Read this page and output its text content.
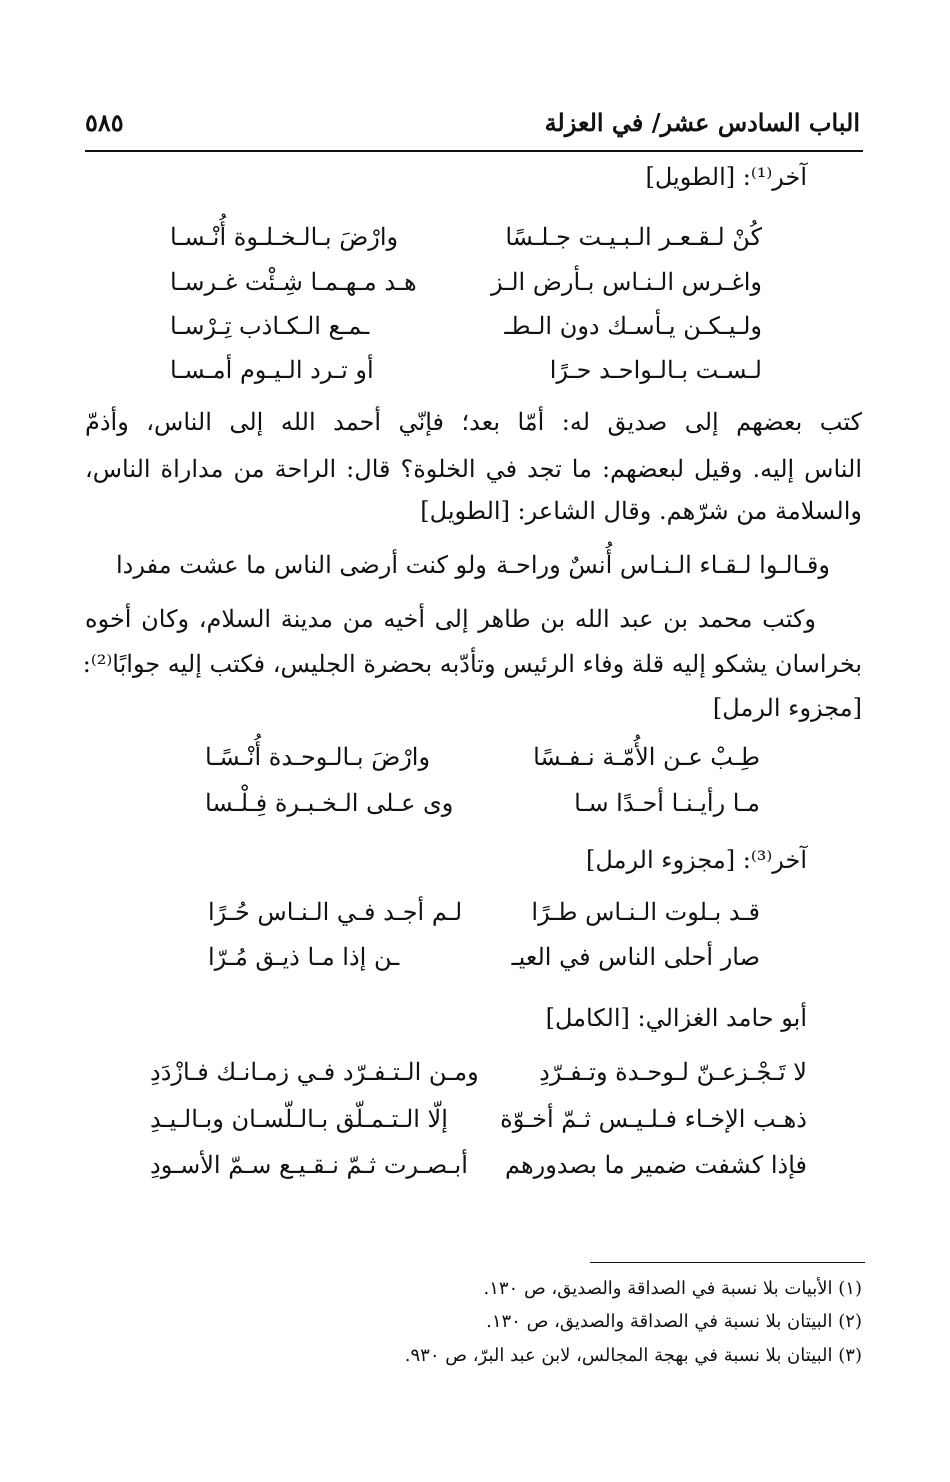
الباب السادس عشر/ في العزلة
٥٨٥
آخر⁽¹⁾: [الطويل]
كُنْ لـقـعـر الـبـيـت جـلـسًا
وارْضَ بـالـخـلـوة أُنْـسـا
واغـرس الـنـاس بـأرض الـز
هـد مـهـمـا شِـئْت غـرسـا
ولـيـكـن يـأسـك دون الـطـ
ـمـع الـكـاذب تِـرْسـا
لـسـت بـالـواحـد حـرًا
أو تـرد الـيـوم أمـسـا
كتب بعضهم إلى صديق له: أمّا بعد؛ فإنّي أحمد الله إلى الناس، وأذمّ
الناس إليه. وقيل لبعضهم: ما تجد في الخلوة؟ قال: الراحة من مداراة الناس،
والسلامة من شرّهم. وقال الشاعر: [الطويل]
وقـالـوا لـقـاء الـنـاس أُنسٌ وراحـة
ولو كنت أرضى الناس ما عشت مفردا
وكتب محمد بن عبد الله بن طاهر إلى أخيه من مدينة السلام، وكان أخوه
بخراسان يشكو إليه قلة وفاء الرئيس وتأدّبه بحضرة الجليس، فكتب إليه جوابًا⁽²⁾:
[مجزوء الرمل]
طِـبْ عـن الأُمّـة نـفـسًا
وارْضَ بـالـوحـدة أُنْـسًـا
مـا رأيـنـا أحـدًا سـا
وى عـلى الـخـبـرة فِـلْـسا
آخر⁽³⁾: [مجزوء الرمل]
قـد بـلوت الـنـاس طـرًا
لـم أجـد فـي الـنـاس حُـرًا
صار أحلى الناس في العيـ
ـن إذا مـا ذيـق مُـرّا
أبو حامد الغزالي: [الكامل]
لا تَـجْـزعـنّ لـوحـدة وتـفـرّدِ
ومـن الـتـفـرّد فـي زمـانـك فـازْدَدِ
ذهـب الإخـاء فـلـيـس ثـمّ أخـوّة
إلّا الـتـمـلّق بـالـلّسـان وبـالـيـدِ
فإذا كشفت ضمير ما بصدورهم
أبـصـرت ثـمّ نـقـيـع سـمّ الأسـودِ
(١) الأبيات بلا نسبة في الصداقة والصديق، ص ١٣٠.
(٢) البيتان بلا نسبة في الصداقة والصديق، ص ١٣٠.
(٣) البيتان بلا نسبة في بهجة المجالس، لابن عبد البرّ، ص ٩٣٠.
